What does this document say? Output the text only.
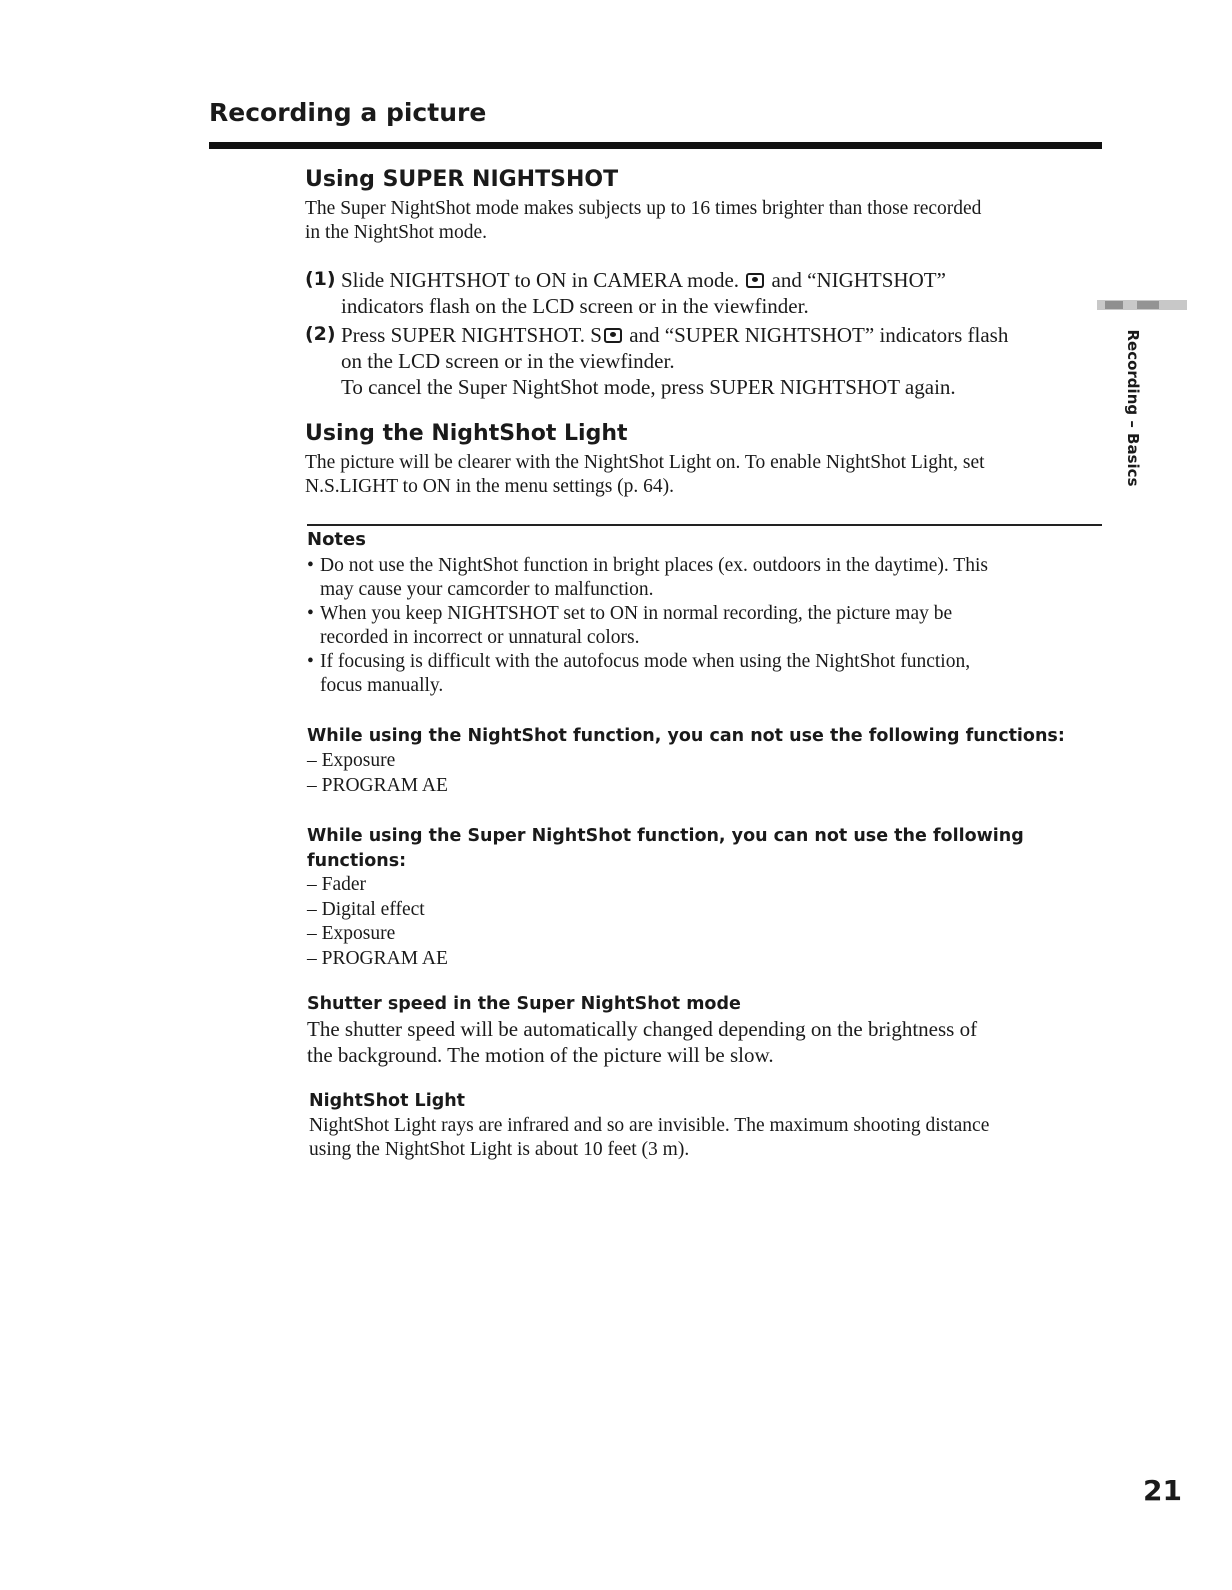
Recording a picture
Using SUPER NIGHTSHOT
The Super NightShot mode makes subjects up to 16 times brighter than those recorded
in the NightShot mode.
(1) Slide NIGHTSHOT to ON in CAMERA mode. and “NIGHTSHOT”
indicators flash on the LCD screen or in the viewfinder.
(2) Press SUPER NIGHTSHOT. S and “SUPER NIGHTSHOT” indicators flash
on the LCD screen or in the viewfinder.
To cancel the Super NightShot mode, press SUPER NIGHTSHOT again.
Using the NightShot Light
The picture will be clearer with the NightShot Light on. To enable NightShot Light, set
N.S.LIGHT to ON in the menu settings (p. 64).
Notes
• Do not use the NightShot function in bright places (ex. outdoors in the daytime). This
may cause your camcorder to malfunction.
• When you keep NIGHTSHOT set to ON in normal recording, the picture may be
recorded in incorrect or unnatural colors.
• If focusing is difficult with the autofocus mode when using the NightShot function,
focus manually.
While using the NightShot function, you can not use the following functions:
– Exposure
– PROGRAM AE
While using the Super NightShot function, you can not use the following
functions:
– Fader
– Digital effect
– Exposure
– PROGRAM AE
Shutter speed in the Super NightShot mode
The shutter speed will be automatically changed depending on the brightness of
the background. The motion of the picture will be slow.
NightShot Light
NightShot Light rays are infrared and so are invisible. The maximum shooting distance
using the NightShot Light is about 10 feet (3 m).
Recording – Basics
21
